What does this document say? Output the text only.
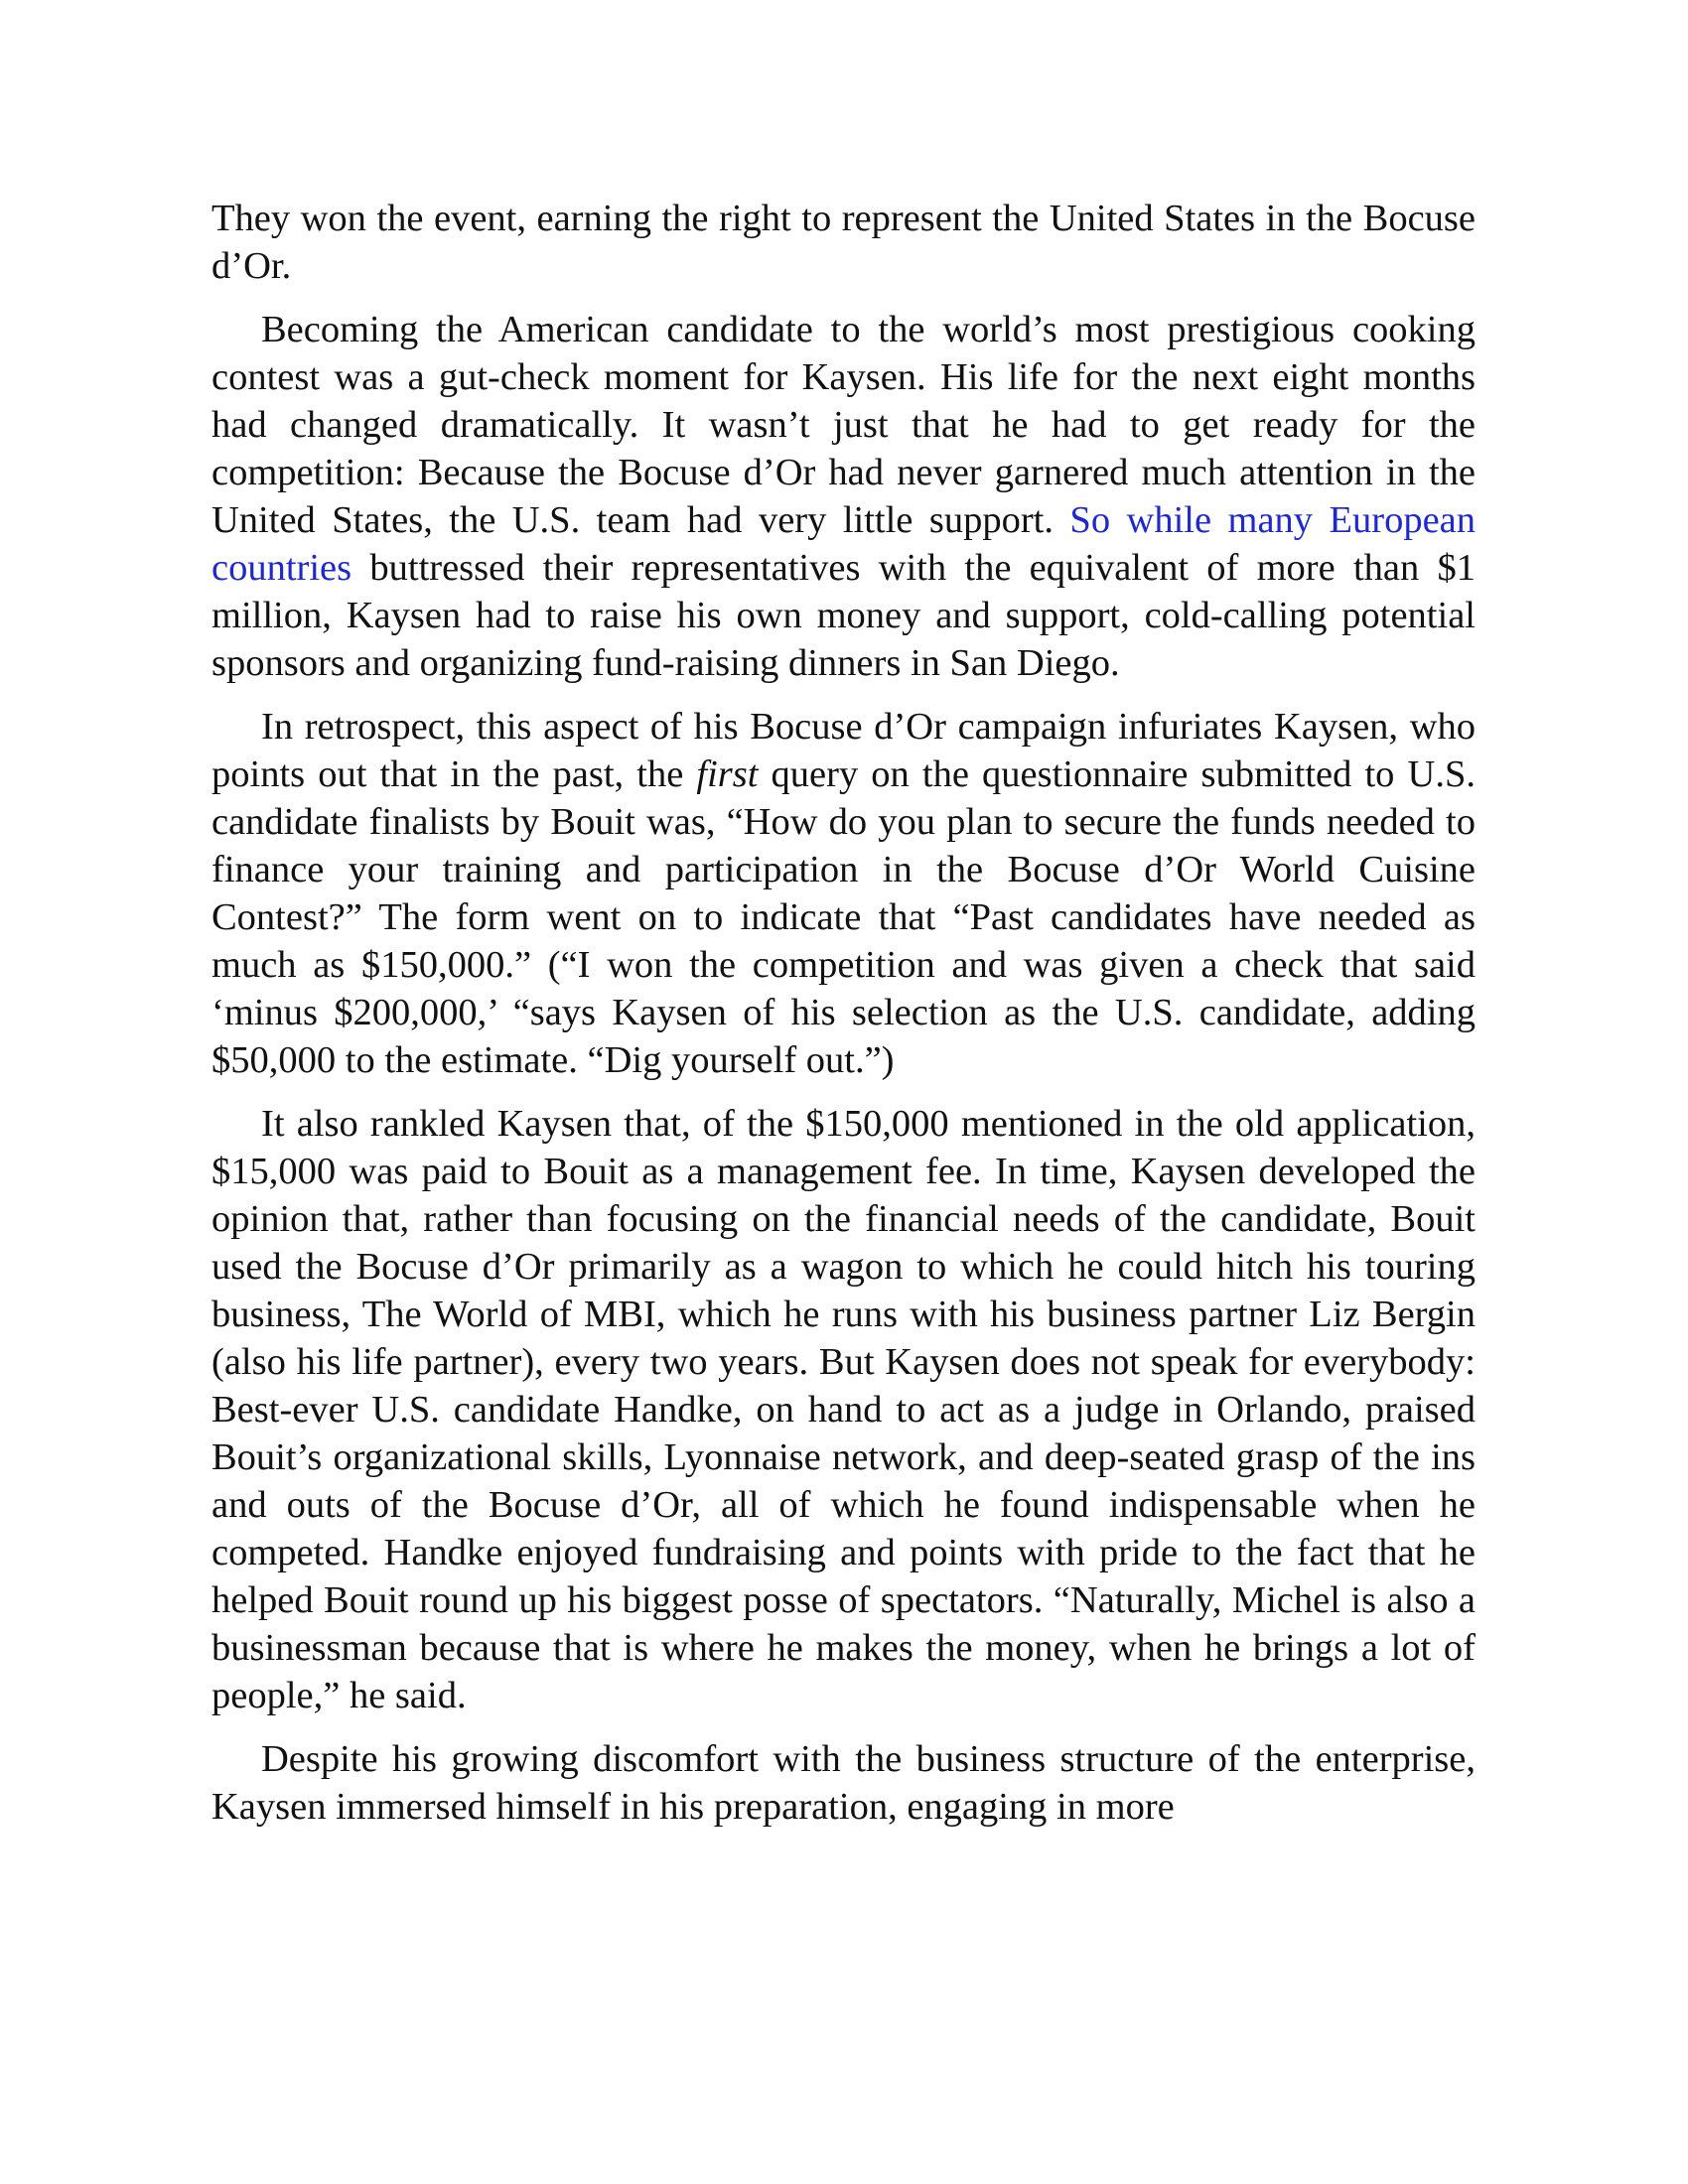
They won the event, earning the right to represent the United States in the Bocuse d’Or.

Becoming the American candidate to the world’s most prestigious cooking contest was a gut-check moment for Kaysen. His life for the next eight months had changed dramatically. It wasn’t just that he had to get ready for the competition: Because the Bocuse d’Or had never garnered much attention in the United States, the U.S. team had very little support. So while many European countries buttressed their representatives with the equivalent of more than $1 million, Kaysen had to raise his own money and support, cold-calling potential sponsors and organizing fund-raising dinners in San Diego.

In retrospect, this aspect of his Bocuse d’Or campaign infuriates Kaysen, who points out that in the past, the first query on the questionnaire submitted to U.S. candidate finalists by Bouit was, “How do you plan to secure the funds needed to finance your training and participation in the Bocuse d’Or World Cuisine Contest?” The form went on to indicate that “Past candidates have needed as much as $150,000.” (“I won the competition and was given a check that said ‘minus $200,000,’ “says Kaysen of his selection as the U.S. candidate, adding $50,000 to the estimate. “Dig yourself out.”)

It also rankled Kaysen that, of the $150,000 mentioned in the old application, $15,000 was paid to Bouit as a management fee. In time, Kaysen developed the opinion that, rather than focusing on the financial needs of the candidate, Bouit used the Bocuse d’Or primarily as a wagon to which he could hitch his touring business, The World of MBI, which he runs with his business partner Liz Bergin (also his life partner), every two years. But Kaysen does not speak for everybody: Best-ever U.S. candidate Handke, on hand to act as a judge in Orlando, praised Bouit’s organizational skills, Lyonnaise network, and deep-seated grasp of the ins and outs of the Bocuse d’Or, all of which he found indispensable when he competed. Handke enjoyed fundraising and points with pride to the fact that he helped Bouit round up his biggest posse of spectators. “Naturally, Michel is also a businessman because that is where he makes the money, when he brings a lot of people,” he said.

Despite his growing discomfort with the business structure of the enterprise, Kaysen immersed himself in his preparation, engaging in more
